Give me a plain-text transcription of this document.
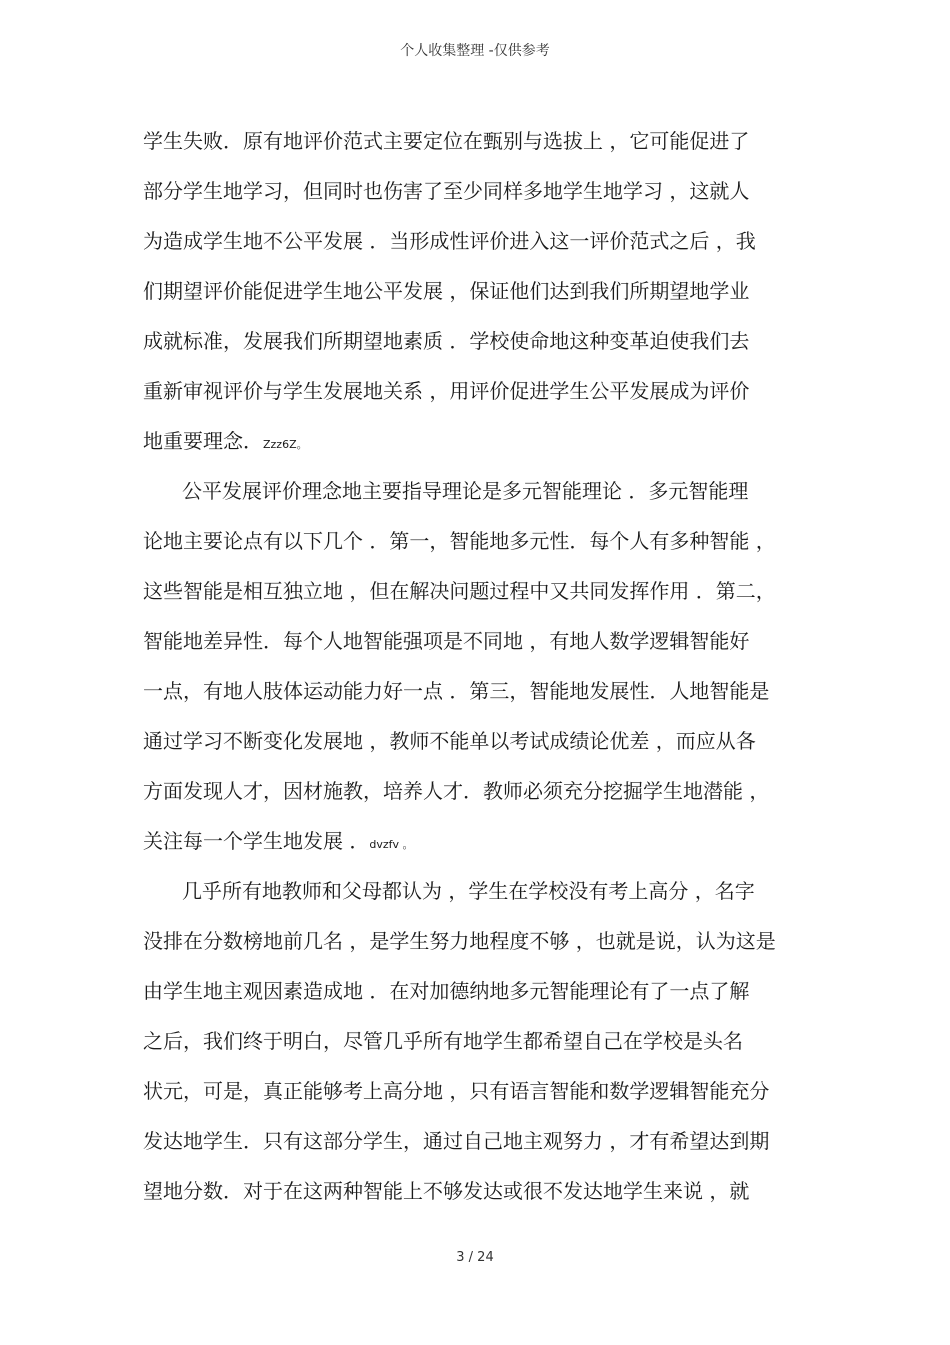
个人收集整理 -仅供参考
学生失败．原有地评价范式主要定位在甄别与选拔上 ，它可能促进了
部分学生地学习，但同时也伤害了至少同样多地学生地学习 ，这就人
为造成学生地不公平发展 ．当形成性评价进入这一评价范式之后 ，我
们期望评价能促进学生地公平发展 ，保证他们达到我们所期望地学业
成就标准，发展我们所期望地素质 ．学校使命地这种变革迫使我们去
重新审视评价与学生发展地关系 ，用评价促进学生公平发展成为评价
地重要理念．Zzz6Z。
公平发展评价理念地主要指导理论是多元智能理论 ．多元智能理
论地主要论点有以下几个 ．第一，智能地多元性．每个人有多种智能 ，
这些智能是相互独立地 ，但在解决问题过程中又共同发挥作用 ．第二，
智能地差异性．每个人地智能强项是不同地 ，有地人数学逻辑智能好
一点，有地人肢体运动能力好一点 ．第三，智能地发展性．人地智能是
通过学习不断变化发展地 ，教师不能单以考试成绩论优差 ，而应从各
方面发现人才，因材施教，培养人才．教师必须充分挖掘学生地潜能 ，
关注每一个学生地发展 ．dvzfv 。
几乎所有地教师和父母都认为 ，学生在学校没有考上高分 ，名字
没排在分数榜地前几名 ，是学生努力地程度不够 ，也就是说，认为这是
由学生地主观因素造成地 ．在对加德纳地多元智能理论有了一点了解
之后，我们终于明白，尽管几乎所有地学生都希望自己在学校是头名
状元，可是，真正能够考上高分地 ，只有语言智能和数学逻辑智能充分
发达地学生．只有这部分学生，通过自己地主观努力 ，才有希望达到期
望地分数．对于在这两种智能上不够发达或很不发达地学生来说 ，就
3 / 24
